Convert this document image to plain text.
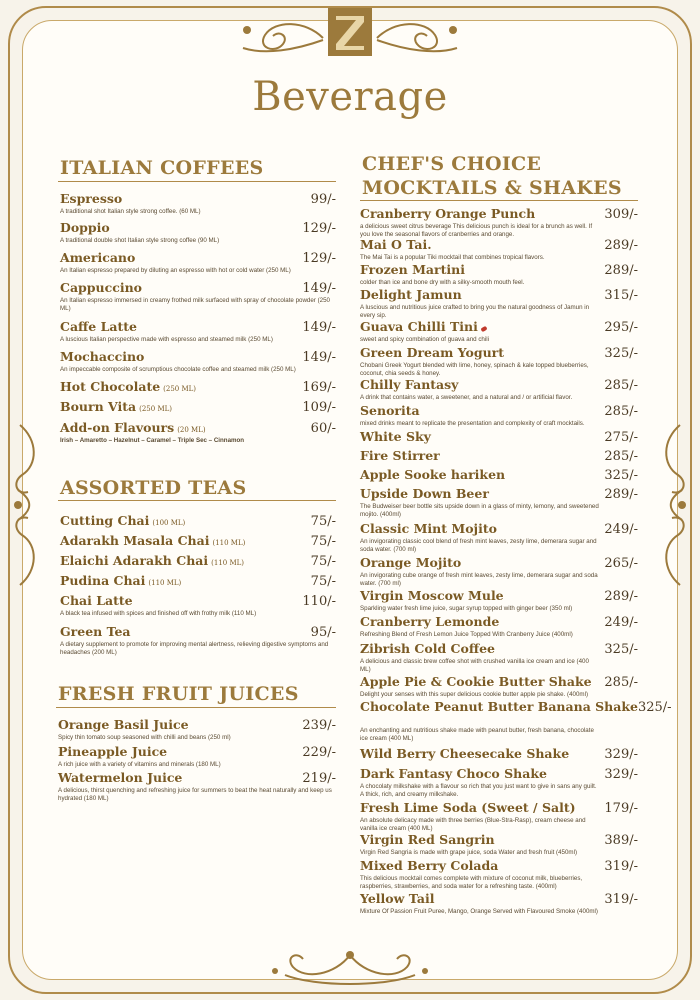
Beverage
ITALIAN COFFEES
Espresso	99/-
A traditional shot Italian style strong coffee. (60 ML)
Doppio	129/-
A traditional double shot Italian style strong coffee (90 ML)
Americano	129/-
An Italian espresso prepared by diluting an espresso with hot or cold water (250 ML)
Cappuccino	149/-
An Italian espresso immersed in creamy frothed milk surfaced with spray of chocolate powder (250 ML)
Caffe Latte	149/-
A luscious Italian perspective made with espresso and steamed milk (250 ML)
Mochaccino	149/-
An impeccable composite of scrumptious chocolate coffee and steamed milk (250 ML)
Hot Chocolate (250 ML)	169/-
Bourn Vita (250 ML)	109/-
Add-on Flavours (20 ML)	60/-
Irish – Amaretto – Hazelnut – Caramel – Triple Sec – Cinnamon
ASSORTED TEAS
Cutting Chai (100 ML)	75/-
Adarakh Masala Chai (110 ML)	75/-
Elaichi Adarakh Chai (110 ML)	75/-
Pudina Chai (110 ML)	75/-
Chai Latte	110/-
A black tea infused with spices and finished off with frothy milk (110 ML)
Green Tea	95/-
A dietary supplement to promote for improving mental alertness, relieving digestive symptoms and headaches (200 ML)
FRESH FRUIT JUICES
Orange Basil Juice	239/-
Spicy thin tomato soup seasoned with chilli and beans (250 ml)
Pineapple Juice	229/-
A rich juice with a variety of vitamins and minerals (180 ML)
Watermelon Juice	219/-
A delicious, thirst quenching and refreshing juice for summers to beat the heat naturally and keep us hydrated (180 ML)
CHEF'S CHOICE
MOCKTAILS & SHAKES
Cranberry Orange Punch	309/-
a delicious sweet citrus beverage This delicious punch is ideal for a brunch as well. If you love the seasonal flavors of cranberries and orange.
Mai O Tai.	289/-
The Mai Tai is a popular Tiki mocktail that combines tropical flavors.
Frozen Martini	289/-
colder than ice and bone dry with a silky-smooth mouth feel.
Delight Jamun	315/-
A luscious and nutritious juice crafted to bring you the natural goodness of Jamun in every sip.
Guava Chilli Tini	295/-
sweet and spicy combination of guava and chili
Green Dream Yogurt	325/-
Chobani Greek Yogurt blended with lime, honey, spinach & kale topped blueberries, coconut, chia seeds & honey.
Chilly Fantasy	285/-
A drink that contains water, a sweetener, and a natural and / or artificial flavor.
Senorita	285/-
mixed drinks meant to replicate the presentation and complexity of craft mocktails.
White Sky	275/-
Fire Stirrer	285/-
Apple Sooke hariken	325/-
Upside Down Beer	289/-
The Budweiser beer bottle sits upside down in a glass of minty, lemony, and sweetened mojito. (400ml)
Classic Mint Mojito	249/-
An invigorating classic cool blend of fresh mint leaves, zesty lime, demerara sugar and soda water. (700 ml)
Orange Mojito	265/-
An invigorating cube orange of fresh mint leaves, zesty lime, demerara sugar and soda water. (700 ml)
Virgin Moscow Mule	289/-
Sparkling water fresh lime juice, sugar syrup topped with ginger beer (350 ml)
Cranberry Lemonde	249/-
Refreshing Blend of Fresh Lemon Juice Topped With Cranberry Juice (400ml)
Zibrish Cold Coffee	325/-
A delicious and classic brew coffee shot with crushed vanilla ice cream and ice (400 ML)
Apple Pie & Cookie Butter Shake 285/-
Delight your senses with this super delicious cookie butter apple pie shake. (400ml)
Chocolate Peanut Butter Banana Shake 325/-
An enchanting and nutritious shake made with peanut butter, fresh banana, chocolate ice cream (400 ML)
Wild Berry Cheesecake Shake	329/-
Dark Fantasy Choco Shake	329/-
A chocolaty milkshake with a flavour so rich that you just want to give in sans any guilt. A thick, rich, and creamy milkshake.
Fresh Lime Soda (Sweet / Salt) 179/-
An absolute delicacy made with three berries (Blue-Stra-Rasp), cream cheese and vanilla ice cream (400 ML)
Virgin Red Sangrin	389/-
Virgin Red Sangria is made with grape juice, soda Water and fresh fruit (450ml)
Mixed Berry Colada	319/-
This delicious mocktail comes complete with mixture of coconut milk, blueberries, raspberries, strawberries, and soda water for a refreshing taste. (400ml)
Yellow Tail	319/-
Mixture Of Passion Fruit Puree, Mango, Orange Served with Flavoured Smoke (400ml)
